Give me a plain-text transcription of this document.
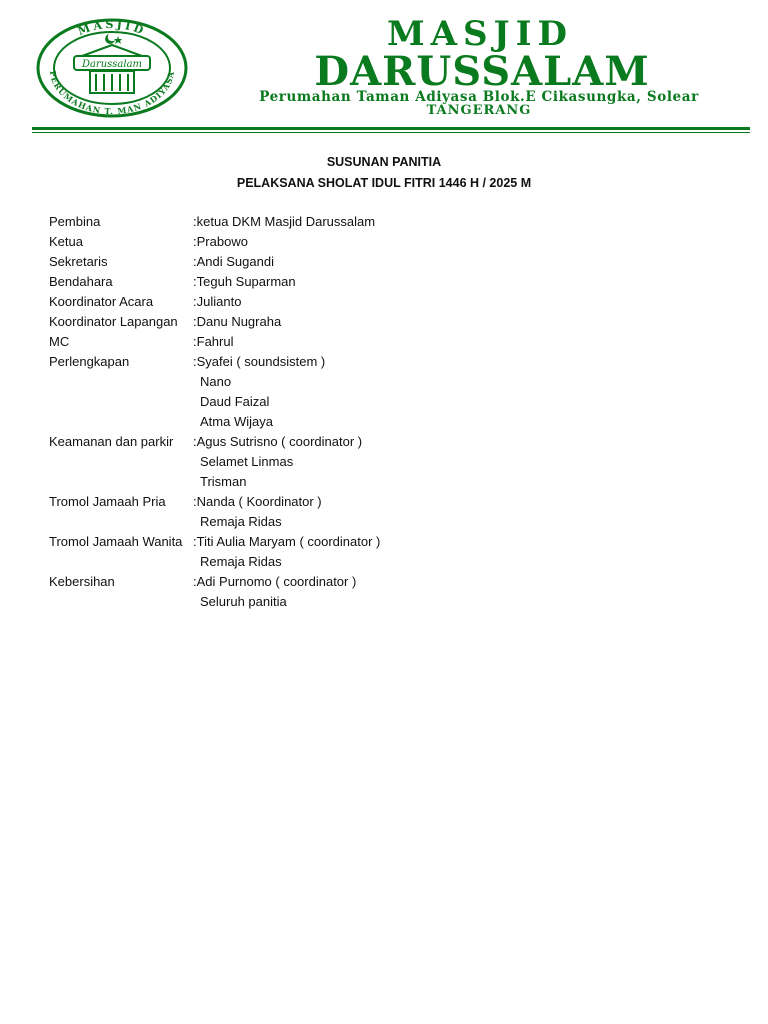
MASJID
PERUMAHAN T. MAN ADIYASA
Darussalam
MASJID
DARUSSALAM
Perumahan Taman Adiyasa Blok.E Cikasungka, Solear
TANGERANG
SUSUNAN PANITIA
PELAKSANA SHOLAT IDUL FITRI 1446 H / 2025 M
Pembina	: ketua DKM Masjid Darussalam
Ketua	: Prabowo
Sekretaris	: Andi Sugandi
Bendahara	: Teguh Suparman
Koordinator Acara	: Julianto
Koordinator Lapangan	: Danu Nugraha
MC	: Fahrul
Perlengkapan	: Syafei ( soundsistem )
Nano
Daud Faizal
Atma Wijaya
Keamanan dan parkir	: Agus Sutrisno ( coordinator )
Selamet Linmas
Trisman
Tromol Jamaah Pria	: Nanda ( Koordinator )
Remaja Ridas
Tromol Jamaah Wanita : Titi Aulia Maryam ( coordinator )
Remaja Ridas
Kebersihan	: Adi Purnomo ( coordinator )
Seluruh panitia
